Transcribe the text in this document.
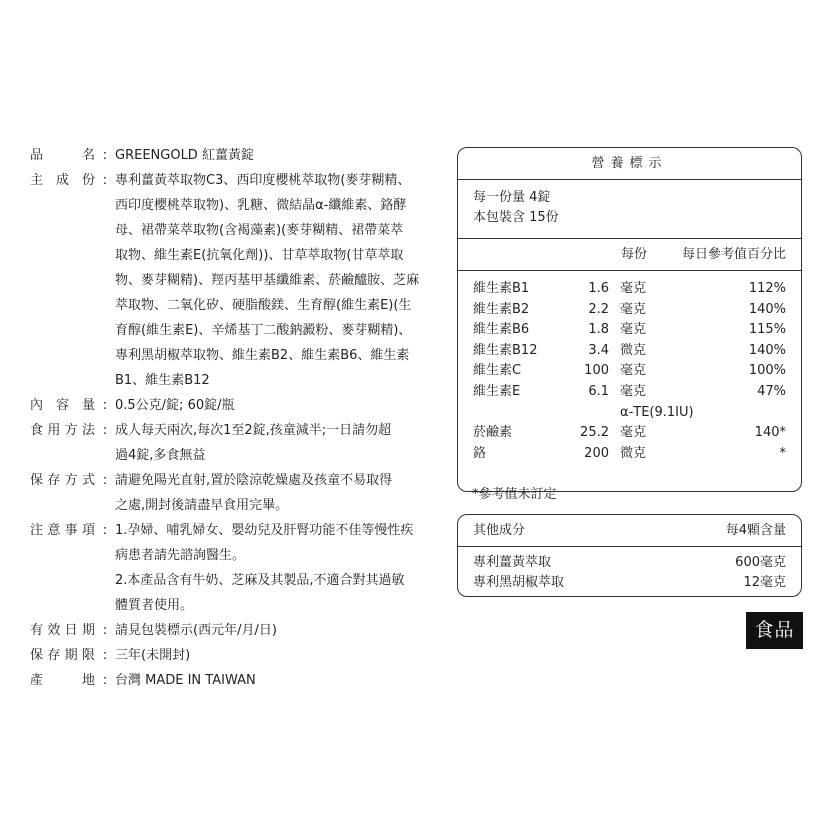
品	名 : GREENGOLD 紅薑黃錠

主 成 份 : 專利薑黃萃取物C3、西印度櫻桃萃取物(麥芽糊精、

西印度櫻桃萃取物)、乳糖、微結晶α-纖維素、鉻酵

母、裙帶菜萃取物(含褐藻素)(麥芽糊精、裙帶菜萃

取物、維生素E(抗氧化劑))、甘草萃取物(甘草萃取

物、麥芽糊精)、羥丙基甲基纖維素、菸鹼醯胺、芝麻

萃取物、二氧化矽、硬脂酸鎂、生育醇(維生素E)(生

育醇(維生素E)、辛烯基丁二酸鈉澱粉、麥芽糊精)、

專利黑胡椒萃取物、維生素B2、維生素B6、維生素

B1、維生素B12

內 容 量 : 0.5公克/錠; 60錠/瓶

食 用 方 法 : 成人每天兩次,每次1至2錠,孩童減半;一日請勿超

過4錠,多食無益

保 存 方 式 : 請避免陽光直射,置於陰涼乾燥處及孩童不易取得

之處,開封後請盡早食用完畢。

注 意 事 項 : 1.孕婦、哺乳婦女、嬰幼兒及肝腎功能不佳等慢性疾

病患者請先諮詢醫生。

2.本產品含有牛奶、芝麻及其製品,不適合對其過敏

體質者使用。

有 效 日 期 : 請見包裝標示(西元年/月/日)

保 存 期 限 : 三年(未開封)

產	地 : 台灣 MADE IN TAIWAN

營養標示
每一份量 4錠
本包裝含 15份
每份	每日參考值百分比
維生素B1	1.6 毫克	112%
維生素B2	2.2 毫克	140%
維生素B6	1.8 毫克	115%
維生素B12	3.4 微克	140%
維生素C	100 毫克	100%
維生素E	6.1 毫克	47%
α-TE(9.1IU)
菸鹼素	25.2 毫克	140*
鉻	200 微克	*
*參考值未訂定
其他成分	每4顆含量
專利薑黃萃取	600毫克
專利黑胡椒萃取	12毫克
食品
